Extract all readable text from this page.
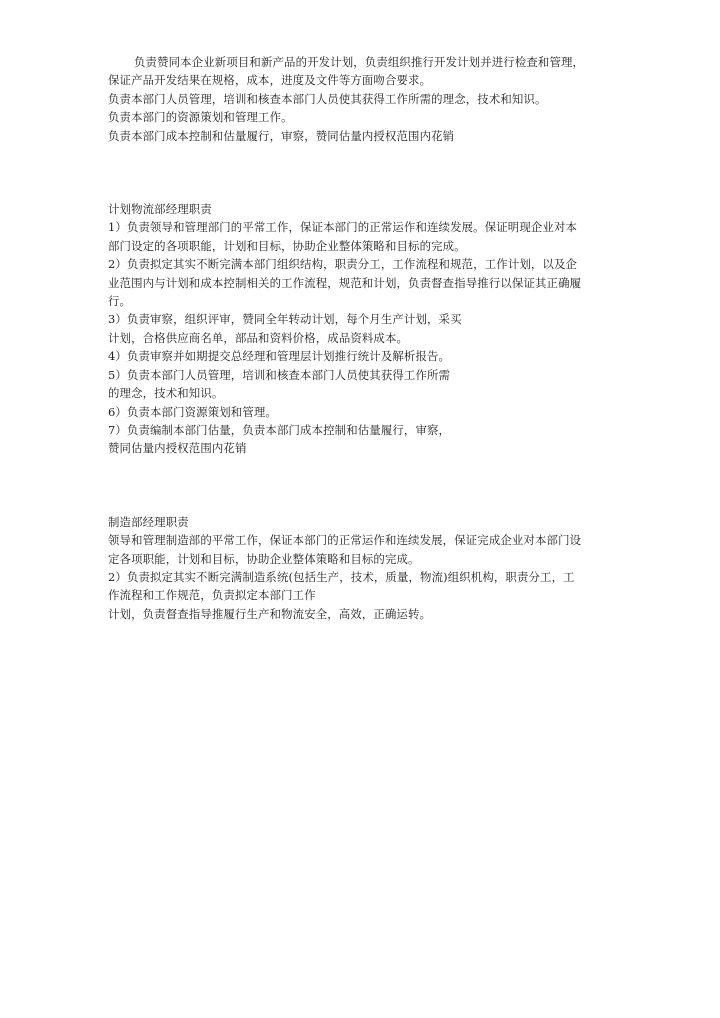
负责赞同本企业新项目和新产品的开发计划，负责组织推行开发计划并进行检查和管理，
保证产品开发结果在规格，成本，进度及文件等方面吻合要求。
负责本部门人员管理，培训和核查本部门人员使其获得工作所需的理念，技术和知识。
负责本部门的资源策划和管理工作。
负责本部门成本控制和估量履行，审察，赞同估量内授权范围内花销
计划物流部经理职责
1）负责领导和管理部门的平常工作，保证本部门的正常运作和连续发展。保证明现企业对本
部门设定的各项职能，计划和目标，协助企业整体策略和目标的完成。
2）负责拟定其实不断完满本部门组织结构，职责分工，工作流程和规范，工作计划，以及企
业范围内与计划和成本控制相关的工作流程，规范和计划，负责督查指导推行以保证其正确履
行。
3）负责审察，组织评审，赞同全年转动计划，每个月生产计划，采买
计划，合格供应商名单，部品和资料价格，成品资料成本。
4）负责审察并如期提交总经理和管理层计划推行统计及解析报告。
5）负责本部门人员管理，培训和核查本部门人员使其获得工作所需
的理念，技术和知识。
6）负责本部门资源策划和管理。
7）负责编制本部门估量，负责本部门成本控制和估量履行，审察，
赞同估量内授权范围内花销
制造部经理职责
领导和管理制造部的平常工作，保证本部门的正常运作和连续发展，保证完成企业对本部门设
定各项职能，计划和目标，协助企业整体策略和目标的完成。
2）负责拟定其实不断完满制造系统(包括生产，技术，质量，物流)组织机构，职责分工，工
作流程和工作规范，负责拟定本部门工作
计划，负责督查指导推履行生产和物流安全，高效，正确运转。
